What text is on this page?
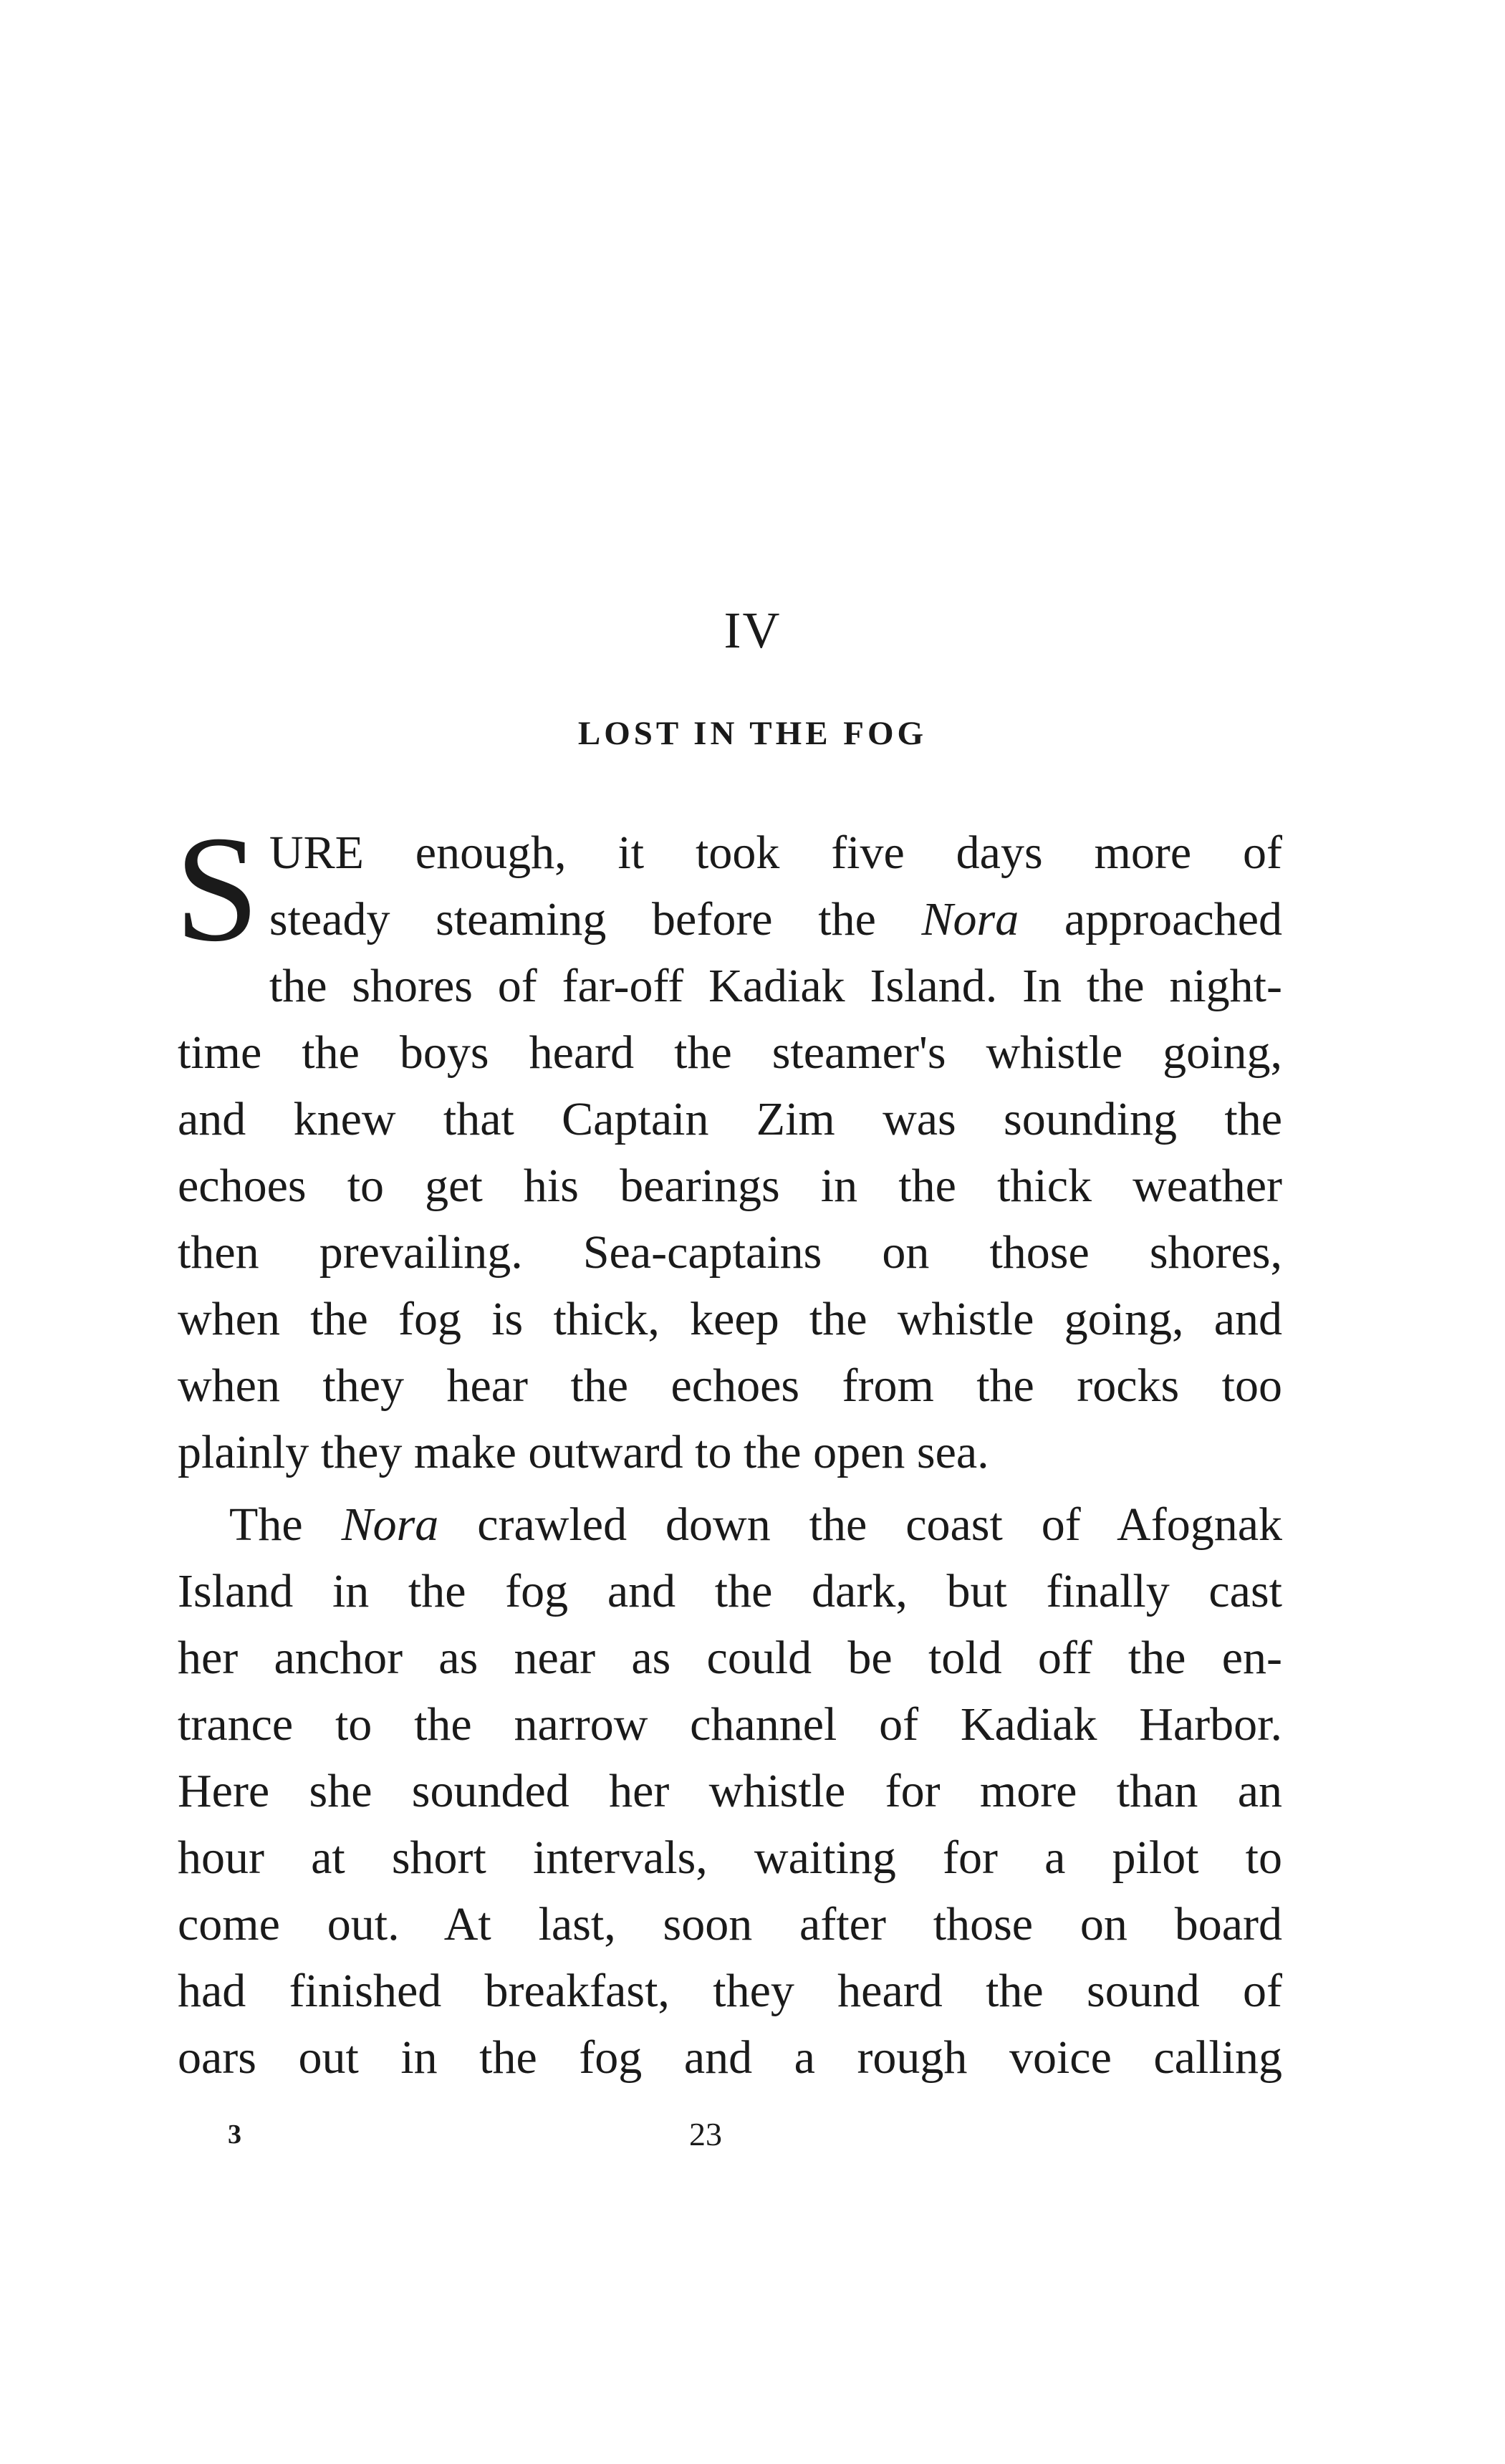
IV
LOST IN THE FOG
S URE enough, it took five days more of
steady steaming before the Nora approached
the shores of far-off Kadiak Island. In the night-
time the boys heard the steamer's whistle going,
and knew that Captain Zim was sounding the
echoes to get his bearings in the thick weather
then prevailing. Sea-captains on those shores,
when the fog is thick, keep the whistle going, and
when they hear the echoes from the rocks too
plainly they make outward to the open sea.
The Nora crawled down the coast of Afognak
Island in the fog and the dark, but finally cast
her anchor as near as could be told off the en-
trance to the narrow channel of Kadiak Harbor.
Here she sounded her whistle for more than an
hour at short intervals, waiting for a pilot to
come out. At last, soon after those on board
had finished breakfast, they heard the sound of
oars out in the fog and a rough voice calling
3	23
